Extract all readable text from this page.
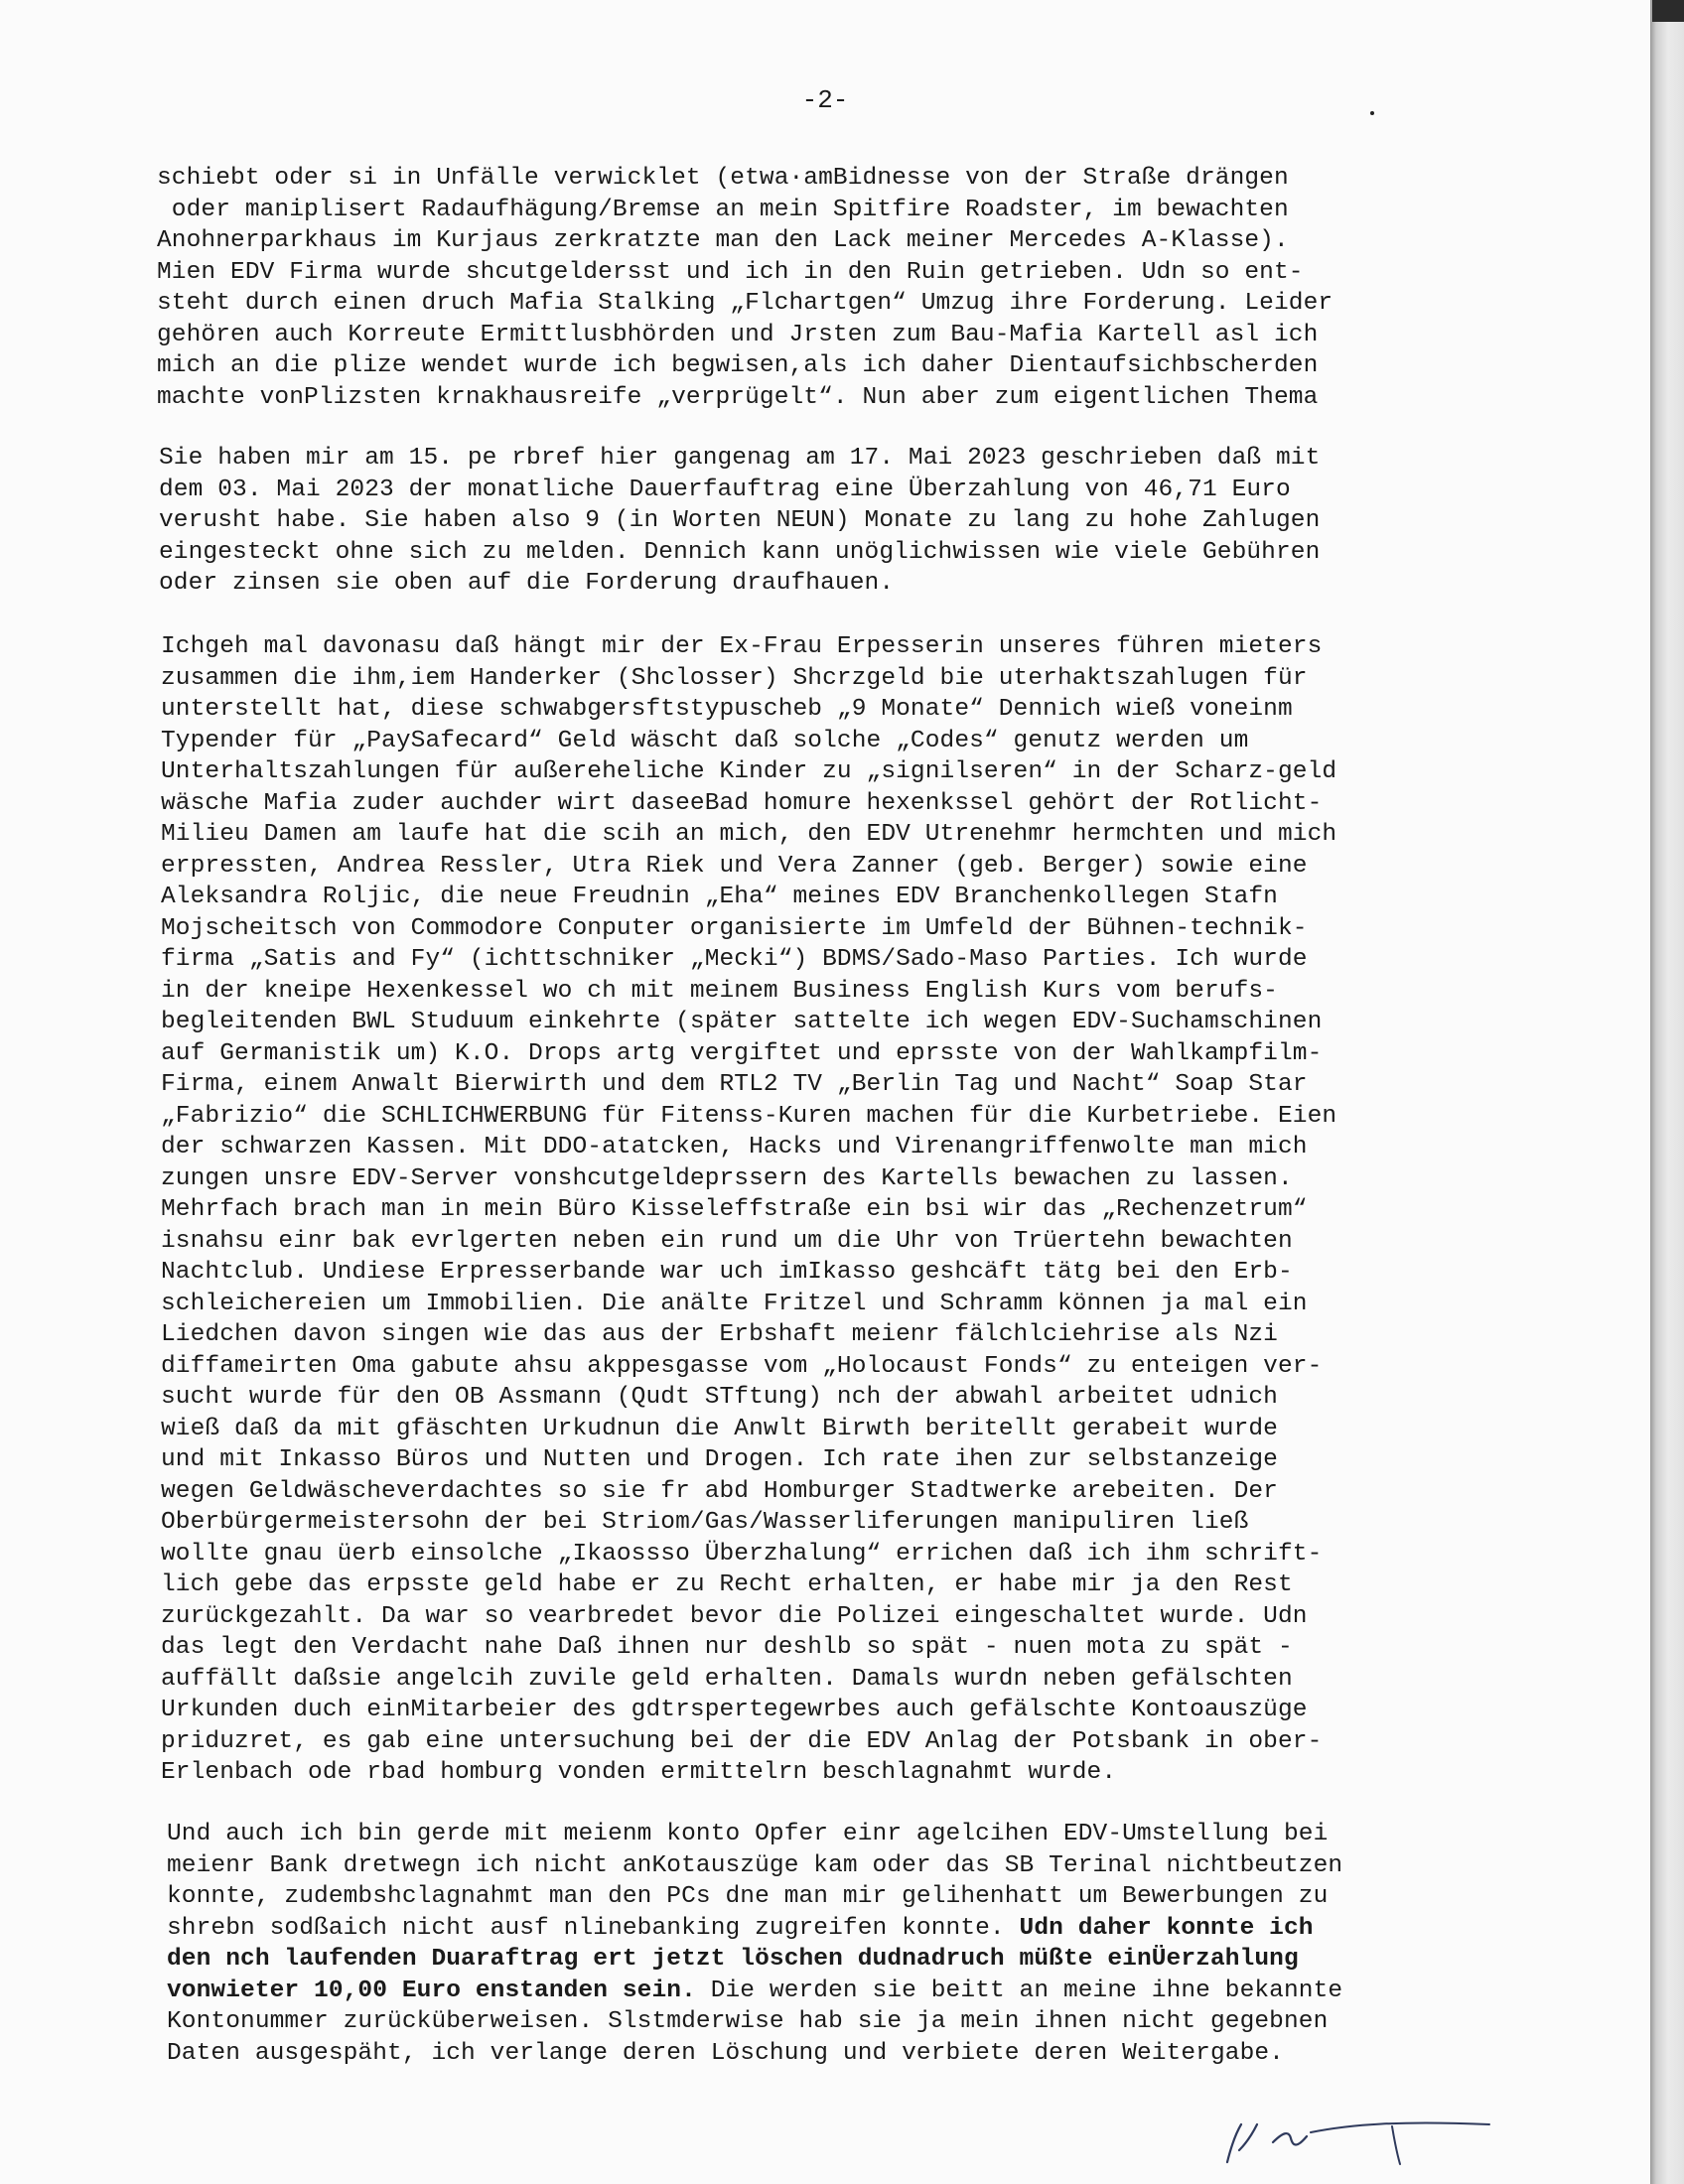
-2-

schiebt oder si in Unfälle verwicklet (etwa·amBidnesse von der Straße drängen
oder maniplisert Radaufhägung/Bremse an mein Spitfire Roadster, im bewachten
Anohnerparkhaus im Kurjaus zerkratzte man den Lack meiner Mercedes A-Klasse).
Mien EDV Firma wurde shcutgeldersst und ich in den Ruin getrieben. Udn so ent-
steht durch einen druch Mafia Stalking „Flchartgen“ Umzug ihre Forderung. Leider
gehören auch Korreute Ermittlusbhörden und Jrsten zum Bau-Mafia Kartell asl ich
mich an die plize wendet wurde ich begwisen,als ich daher Dientaufsichbscherden
machte vonPlizsten krnakhausreife „verprügelt“. Nun aber zum eigentlichen Thema

Sie haben mir am 15. pe rbref hier gangenag am 17. Mai 2023 geschrieben daß mit
dem 03. Mai 2023 der monatliche Dauerfauftrag eine Überzahlung von 46,71 Euro
verusht habe. Sie haben also 9 (in Worten NEUN) Monate zu lang zu hohe Zahlugen
eingesteckt ohne sich zu melden. Dennich kann unöglichwissen wie viele Gebühren
oder zinsen sie oben auf die Forderung draufhauen.

Ichgeh mal davonasu daß hängt mir der Ex-Frau Erpesserin unseres führen mieters
zusammen die ihm,iem Handerker (Shclosser) Shcrzgeld bie uterhaktszahlugen für
unterstellt hat, diese schwabgersftstypuscheb „9 Monate“ Dennich wieß voneinm
Typender für „PaySafecard“ Geld wäscht daß solche „Codes“ genutz werden um
Unterhaltszahlungen für außereheliche Kinder zu „signilseren“ in der Scharz-geld
wäsche Mafia zuder auchder wirt daseeBad homure hexenkssel gehört der Rotlicht-
Milieu Damen am laufe hat die scih an mich, den EDV Utrenehmr hermchten und mich
erpressten, Andrea Ressler, Utra Riek und Vera Zanner (geb. Berger) sowie eine
Aleksandra Roljic, die neue Freudnin „Eha“ meines EDV Branchenkollegen Stafn
Mojscheitsch von Commodore Conputer organisierte im Umfeld der Bühnen-technik-
firma „Satis and Fy“ (ichttschniker „Mecki“) BDMS/Sado-Maso Parties. Ich wurde
in der kneipe Hexenkessel wo ch mit meinem Business English Kurs vom berufs-
begleitenden BWL Studuum einkehrte (später sattelte ich wegen EDV-Suchamschinen
auf Germanistik um) K.O. Drops artg vergiftet und eprsste von der Wahlkampfilm-
Firma, einem Anwalt Bierwirth und dem RTL2 TV „Berlin Tag und Nacht“ Soap Star
„Fabrizio“ die SCHLICHWERBUNG für Fitenss-Kuren machen für die Kurbetriebe. Eien
der schwarzen Kassen. Mit DDO-atatcken, Hacks und Virenangriffenwolte man mich
zungen unsre EDV-Server vonshcutgeldeprssern des Kartells bewachen zu lassen.
Mehrfach brach man in mein Büro Kisseleffstraße ein bsi wir das „Rechenzetrum“
isnahsu einr bak evrlgerten neben ein rund um die Uhr von Trüertehn bewachten
Nachtclub. Undiese Erpresserbande war uch imIkasso geshcäft tätg bei den Erb-
schleichereien um Immobilien. Die anälte Fritzel und Schramm können ja mal ein
Liedchen davon singen wie das aus der Erbshaft meienr fälchlciehrise als Nzi
diffameirten Oma gabute ahsu akppesgasse vom „Holocaust Fonds“ zu enteigen ver-
sucht wurde für den OB Assmann (Qudt STftung) nch der abwahl arbeitet udnich
wieß daß da mit gfäschten Urkudnun die Anwlt Birwth beritellt gerabeit wurde
und mit Inkasso Büros und Nutten und Drogen. Ich rate ihen zur selbstanzeige
wegen Geldwäscheverdachtes so sie fr abd Homburger Stadtwerke arebeiten. Der
Oberbürgermeistersohn der bei Striom/Gas/Wasserliferungen manipuliren ließ
wollte gnau üerb einsolche „Ikaossso Überzhalung“ errichen daß ich ihm schrift-
lich gebe das erpsste geld habe er zu Recht erhalten, er habe mir ja den Rest
zurückgezahlt. Da war so vearbredet bevor die Polizei eingeschaltet wurde. Udn
das legt den Verdacht nahe Daß ihnen nur deshlb so spät - nuen mota zu spät -
auffällt daßsie angelcih zuvile geld erhalten. Damals wurdn neben gefälschten
Urkunden duch einMitarbeier des gdtrspertegewrbes auch gefälschte Kontoauszüge
priduzret, es gab eine untersuchung bei der die EDV Anlag der Potsbank in ober-
Erlenbach ode rbad homburg vonden ermittelrn beschlagnahmt wurde.

Und auch ich bin gerde mit meienm konto Opfer einr agelcihen EDV-Umstellung bei
meienr Bank dretwegn ich nicht anKotauszüge kam oder das SB Terinal nichtbeutzen
konnte, zudembshclagnahmt man den PCs dne man mir gelihenhatt um Bewerbungen zu
shrebn sodßaich nicht ausf nlinebanking zugreifen konnte. Udn daher konnte ich
den nch laufenden Duaraftrag ert jetzt löschen dudnadruch müßte einÜerzahlung
vonwieter 10,00 Euro enstanden sein. Die werden sie beitt an meine ihne bekannte
Kontonummer zurücküberweisen. Slstmderwise hab sie ja mein ihnen nicht gegebnen
Daten ausgespäht, ich verlange deren Löschung und verbiete deren Weitergabe.
